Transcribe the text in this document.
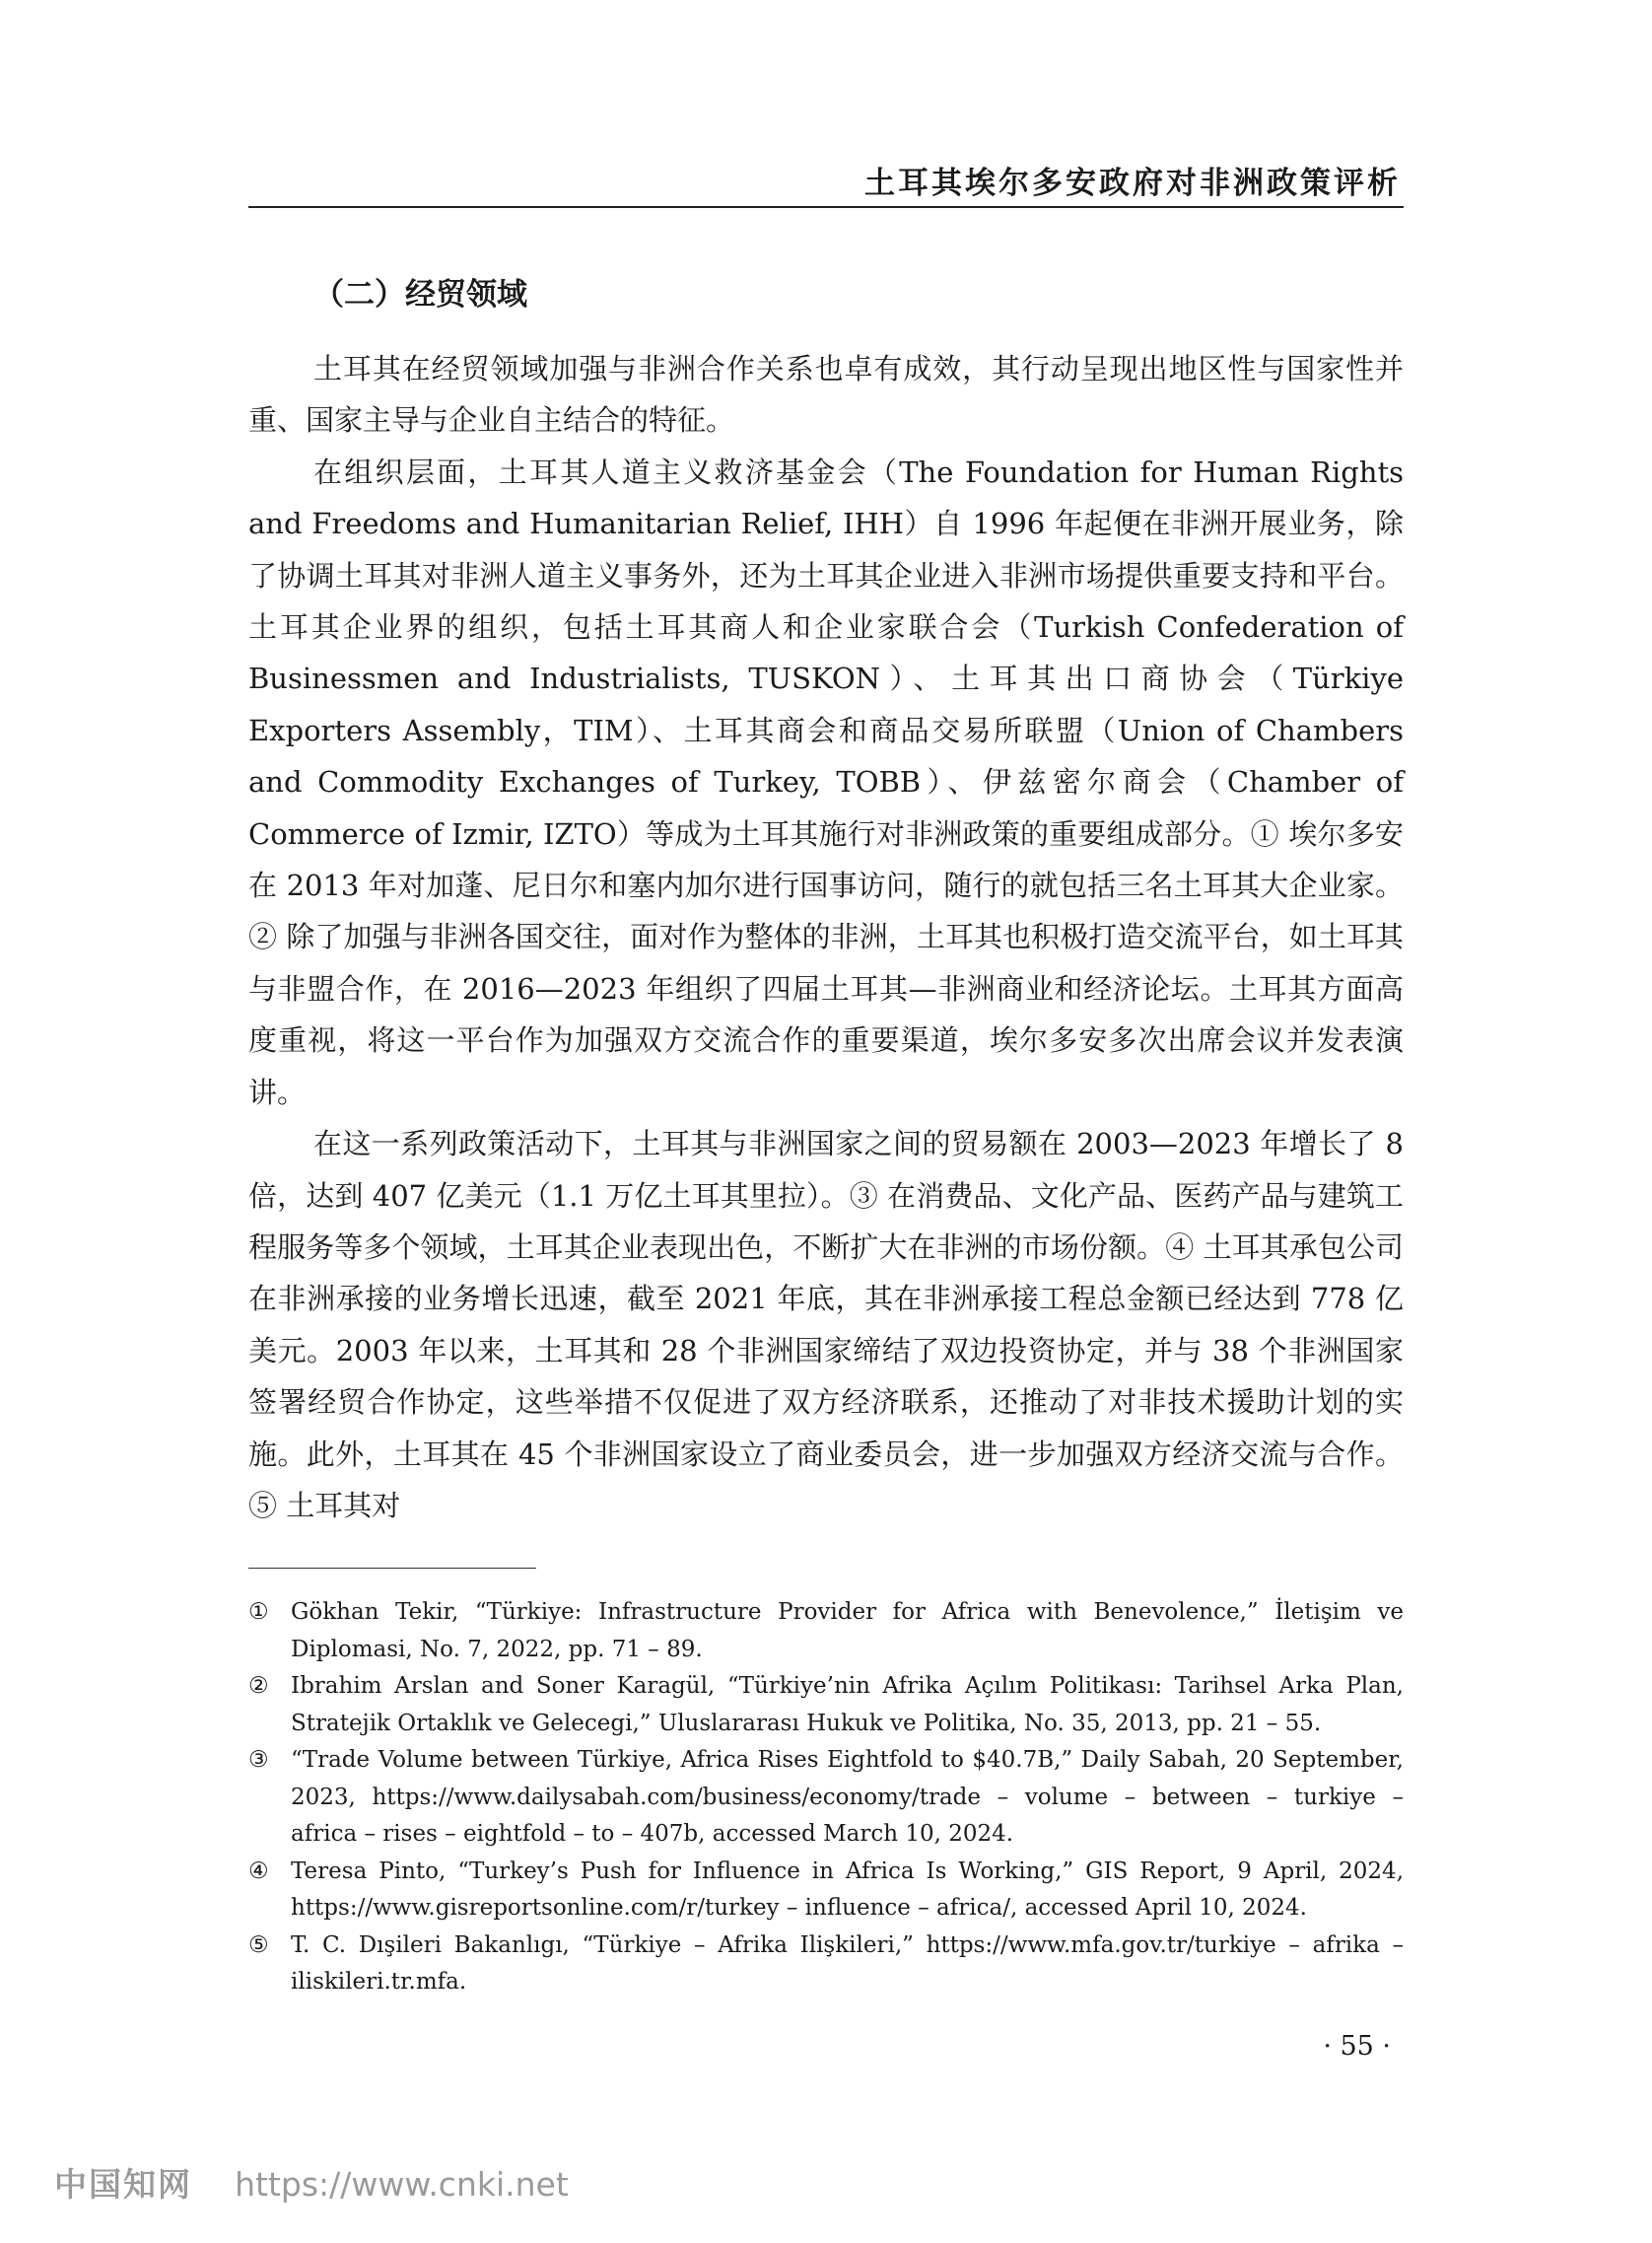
土耳其埃尔多安政府对非洲政策评析
（二）经贸领域

土耳其在经贸领域加强与非洲合作关系也卓有成效，其行动呈现出地区性与国家性并重、国家主导与企业自主结合的特征。

在组织层面，土耳其人道主义救济基金会（The Foundation for Human Rights and Freedoms and Humanitarian Relief, IHH）自 1996 年起便在非洲开展业务，除了协调土耳其对非洲人道主义事务外，还为土耳其企业进入非洲市场提供重要支持和平台。土耳其企业界的组织，包括土耳其商人和企业家联合会（Turkish Confederation of Businessmen and Industrialists, TUSKON）、土耳其出口商协会（Türkiye Exporters Assembly，TIM）、土耳其商会和商品交易所联盟（Union of Chambers and Commodity Exchanges of Turkey, TOBB）、伊兹密尔商会（Chamber of Commerce of Izmir, IZTO）等成为土耳其施行对非洲政策的重要组成部分。① 埃尔多安在 2013 年对加蓬、尼日尔和塞内加尔进行国事访问，随行的就包括三名土耳其大企业家。② 除了加强与非洲各国交往，面对作为整体的非洲，土耳其也积极打造交流平台，如土耳其与非盟合作，在 2016—2023 年组织了四届土耳其—非洲商业和经济论坛。土耳其方面高度重视，将这一平台作为加强双方交流合作的重要渠道，埃尔多安多次出席会议并发表演讲。

在这一系列政策活动下，土耳其与非洲国家之间的贸易额在 2003—2023 年增长了 8 倍，达到 407 亿美元（1.1 万亿土耳其里拉）。③ 在消费品、文化产品、医药产品与建筑工程服务等多个领域，土耳其企业表现出色，不断扩大在非洲的市场份额。④ 土耳其承包公司在非洲承接的业务增长迅速，截至 2021 年底，其在非洲承接工程总金额已经达到 778 亿美元。2003 年以来，土耳其和 28 个非洲国家缔结了双边投资协定，并与 38 个非洲国家签署经贸合作协定，这些举措不仅促进了双方经济联系，还推动了对非技术援助计划的实施。此外，土耳其在 45 个非洲国家设立了商业委员会，进一步加强双方经济交流与合作。⑤ 土耳其对

① Gökhan Tekir, “Türkiye: Infrastructure Provider for Africa with Benevolence,” İletişim ve Diplomasi, No. 7, 2022, pp. 71 – 89.
② Ibrahim Arslan and Soner Karagül, “Türkiye’nin Afrika Açılım Politikası: Tarihsel Arka Plan, Stratejik Ortaklık ve Gelecegi,” Uluslararası Hukuk ve Politika, No. 35, 2013, pp. 21 – 55.
③ “Trade Volume between Türkiye, Africa Rises Eightfold to $40.7B,” Daily Sabah, 20 September, 2023, https://www.dailysabah.com/business/economy/trade – volume – between – turkiye – africa – rises – eightfold – to – 407b, accessed March 10, 2024.
④ Teresa Pinto, “Turkey’s Push for Influence in Africa Is Working,” GIS Report, 9 April, 2024, https://www.gisreportsonline.com/r/turkey – influence – africa/, accessed April 10, 2024.
⑤ T. C. Dışileri Bakanlıgı, “Türkiye – Afrika Ilişkileri,” https://www.mfa.gov.tr/turkiye – afrika – iliskileri.tr.mfa.
· 55 ·
中国知网 https://www.cnki.net
